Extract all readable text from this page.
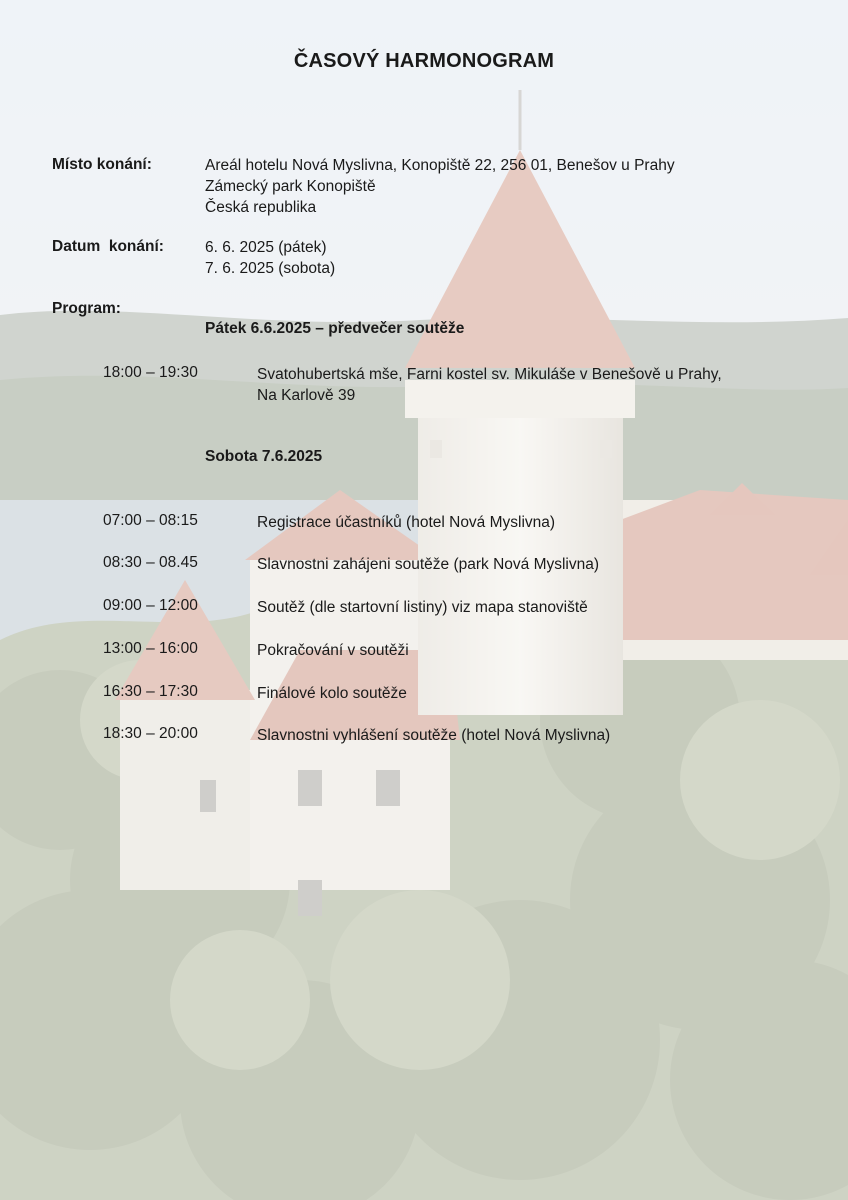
ČASOVÝ HARMONOGRAM
Místo konání:	Areál hotelu Nová Myslivna, Konopiště 22, 256 01, Benešov u Prahy
Zámecký park Konopiště
Česká republika
Datum  konání:	6. 6. 2025 (pátek)
7. 6. 2025 (sobota)
Program:
Pátek 6.6.2025 – předvečer soutěže
18:00 – 19:30	Svatohubertská mše, Farni kostel sv. Mikuláše v Benešově u Prahy,
Na Karlově 39
Sobota 7.6.2025
07:00 – 08:15	Registrace účastníků (hotel Nová Myslivna)
08:30 – 08.45	Slavnostni zahájeni soutěže (park Nová Myslivna)
09:00 – 12:00	Soutěž (dle startovní listiny) viz mapa stanoviště
13:00 – 16:00	Pokračování v soutěži
16:30 – 17:30	Finálové kolo soutěže
18:30 – 20:00	Slavnostni vyhlášení soutěže (hotel Nová Myslivna)
